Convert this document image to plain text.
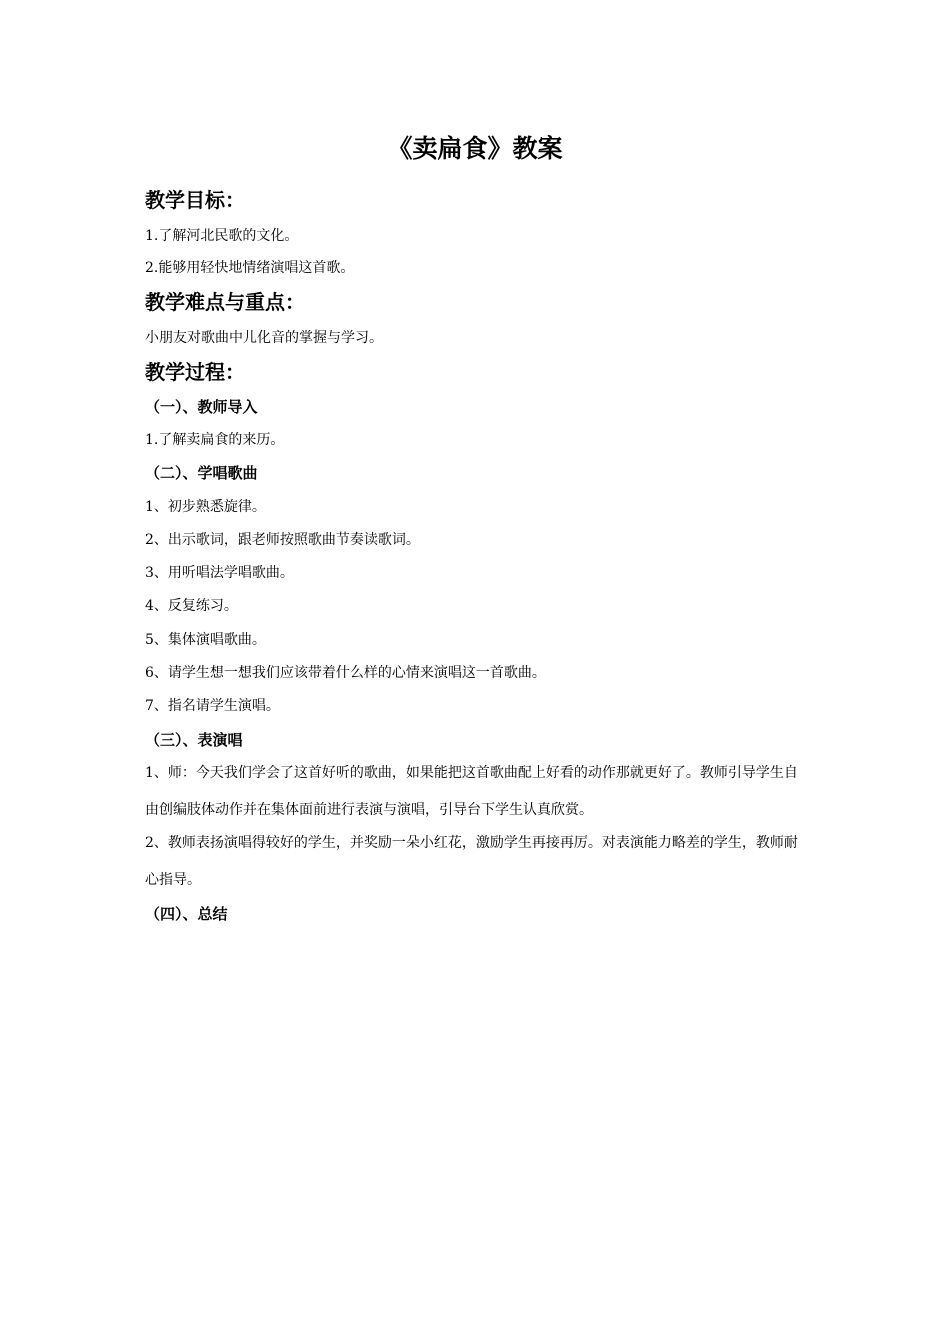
《卖扁食》教案
教学目标：
1.了解河北民歌的文化。
2.能够用轻快地情绪演唱这首歌。
教学难点与重点：
小朋友对歌曲中儿化音的掌握与学习。
教学过程：
（一）、教师导入
1.了解卖扁食的来历。
（二）、学唱歌曲
1、初步熟悉旋律。
2、出示歌词，跟老师按照歌曲节奏读歌词。
3、用听唱法学唱歌曲。
4、反复练习。
5、集体演唱歌曲。
6、请学生想一想我们应该带着什么样的心情来演唱这一首歌曲。
7、指名请学生演唱。
（三）、表演唱
1、师：今天我们学会了这首好听的歌曲，如果能把这首歌曲配上好看的动作那就更好了。教师引导学生自由创编肢体动作并在集体面前进行表演与演唱，引导台下学生认真欣赏。
2、教师表扬演唱得较好的学生，并奖励一朵小红花，激励学生再接再厉。对表演能力略差的学生，教师耐心指导。
（四）、总结
